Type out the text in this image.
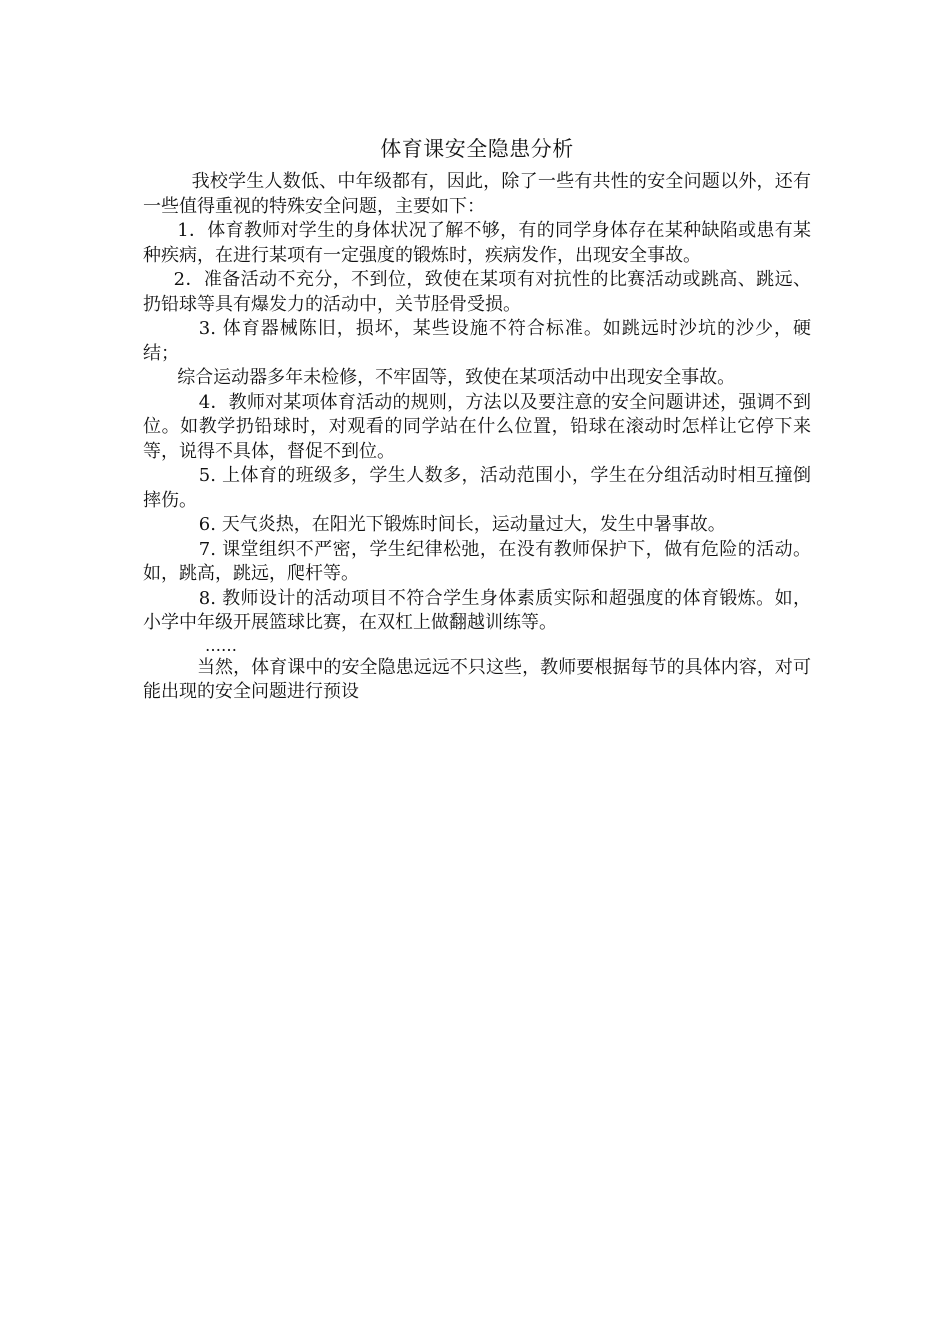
体育课安全隐患分析

我校学生人数低、中年级都有，因此，除了一些有共性的安全问题以外，还有一些值得重视的特殊安全问题，主要如下：

1．体育教师对学生的身体状况了解不够，有的同学身体存在某种缺陷或患有某种疾病，在进行某项有一定强度的锻炼时，疾病发作，出现安全事故。

2．准备活动不充分，不到位，致使在某项有对抗性的比赛活动或跳高、跳远、扔铅球等具有爆发力的活动中，关节胫骨受损。

3. 体育器械陈旧，损坏，某些设施不符合标准。如跳远时沙坑的沙少，硬结；

综合运动器多年未检修，不牢固等，致使在某项活动中出现安全事故。

4．教师对某项体育活动的规则，方法以及要注意的安全问题讲述，强调不到位。如教学扔铅球时，对观看的同学站在什么位置，铅球在滚动时怎样让它停下来等，说得不具体，督促不到位。

5. 上体育的班级多，学生人数多，活动范围小，学生在分组活动时相互撞倒摔伤。

6. 天气炎热，在阳光下锻炼时间长，运动量过大，发生中暑事故。

7. 课堂组织不严密，学生纪律松弛，在没有教师保护下，做有危险的活动。如，跳高，跳远，爬杆等。

8. 教师设计的活动项目不符合学生身体素质实际和超强度的体育锻炼。如，小学中年级开展篮球比赛，在双杠上做翻越训练等。

……

当然，体育课中的安全隐患远远不只这些，教师要根据每节的具体内容，对可能出现的安全问题进行预设
